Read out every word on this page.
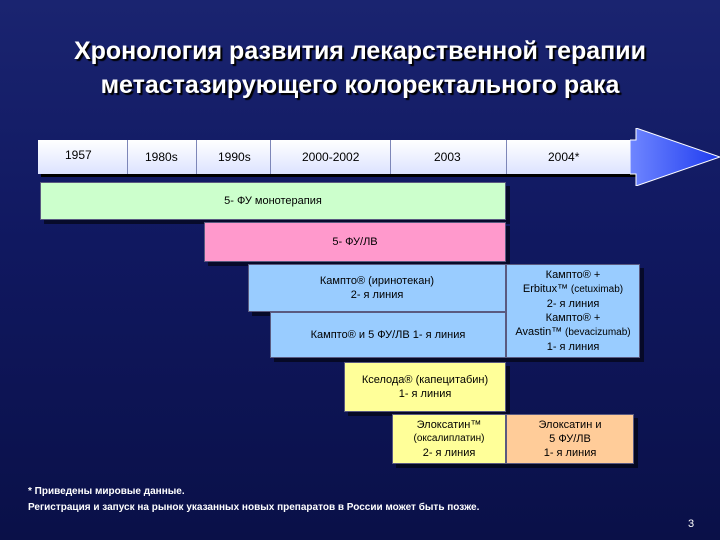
Хронология развития лекарственной терапии
метастазирующего колоректального рака
1957	1980s	1990s	2000-2002	2003	2004*
5- ФУ монотерапия
5- ФУ/ЛВ
Кампто® (иринотекан)
2- я линия
Кампто® и 5 ФУ/ЛВ 1- я линия
Кампто® +
Erbitux™ (cetuximab)
2- я линия
Кампто® +
Avastin™ (bevacizumab)
1- я линия
Кселода® (капецитабин)
1- я линия
Элоксатин™
(оксалиплатин)
2- я линия
Элоксатин и
5 ФУ/ЛВ
1- я линия
* Приведены мировые данные.
Регистрация и запуск на рынок указанных новых препаратов в России может быть позже.
3
